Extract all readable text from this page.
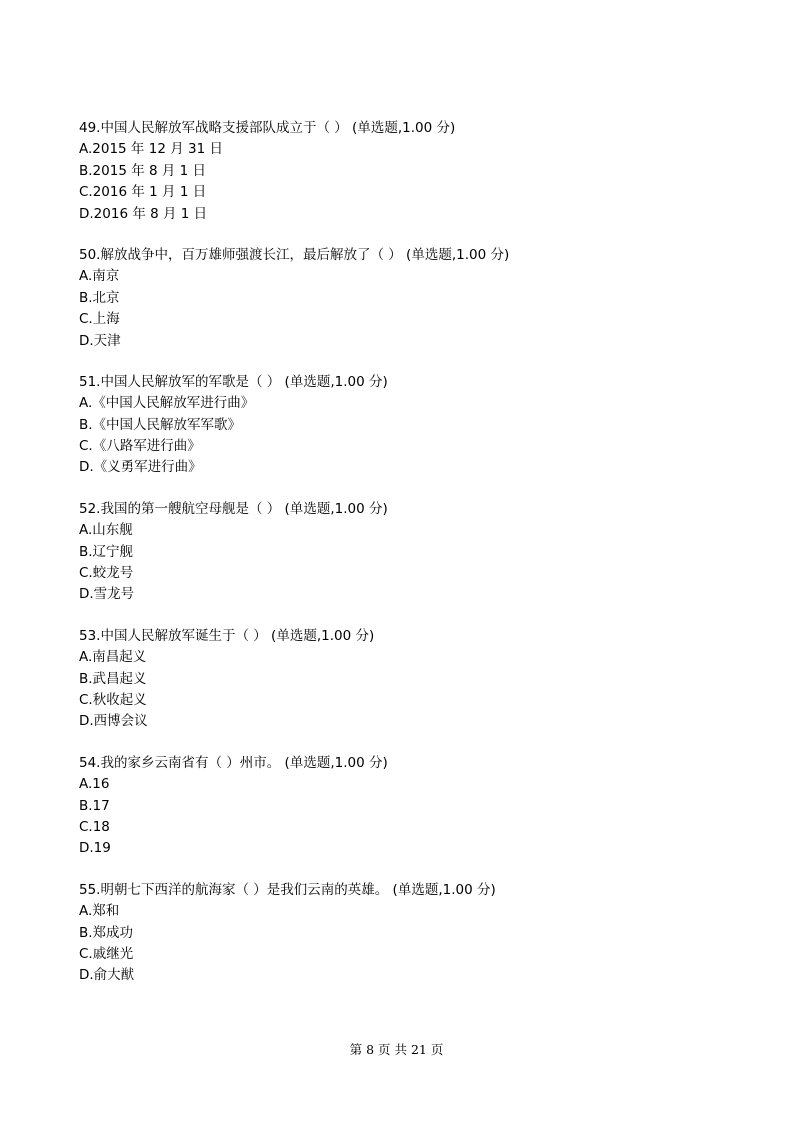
49.中国人民解放军战略支援部队成立于（ ） (单选题,1.00 分)
A.2015 年 12 月 31 日
B.2015 年 8 月 1 日
C.2016 年 1 月 1 日
D.2016 年 8 月 1 日
50.解放战争中，百万雄师强渡长江，最后解放了（ ） (单选题,1.00 分)
A.南京
B.北京
C.上海
D.天津
51.中国人民解放军的军歌是（ ） (单选题,1.00 分)
A.《中国人民解放军进行曲》
B.《中国人民解放军军歌》
C.《八路军进行曲》
D.《义勇军进行曲》
52.我国的第一艘航空母舰是（ ） (单选题,1.00 分)
A.山东舰
B.辽宁舰
C.蛟龙号
D.雪龙号
53.中国人民解放军诞生于（ ） (单选题,1.00 分)
A.南昌起义
B.武昌起义
C.秋收起义
D.西博会议
54.我的家乡云南省有（ ）州市。 (单选题,1.00 分)
A.16
B.17
C.18
D.19
55.明朝七下西洋的航海家（ ）是我们云南的英雄。 (单选题,1.00 分)
A.郑和
B.郑成功
C.戚继光
D.俞大猷
第 8 页 共 21 页
